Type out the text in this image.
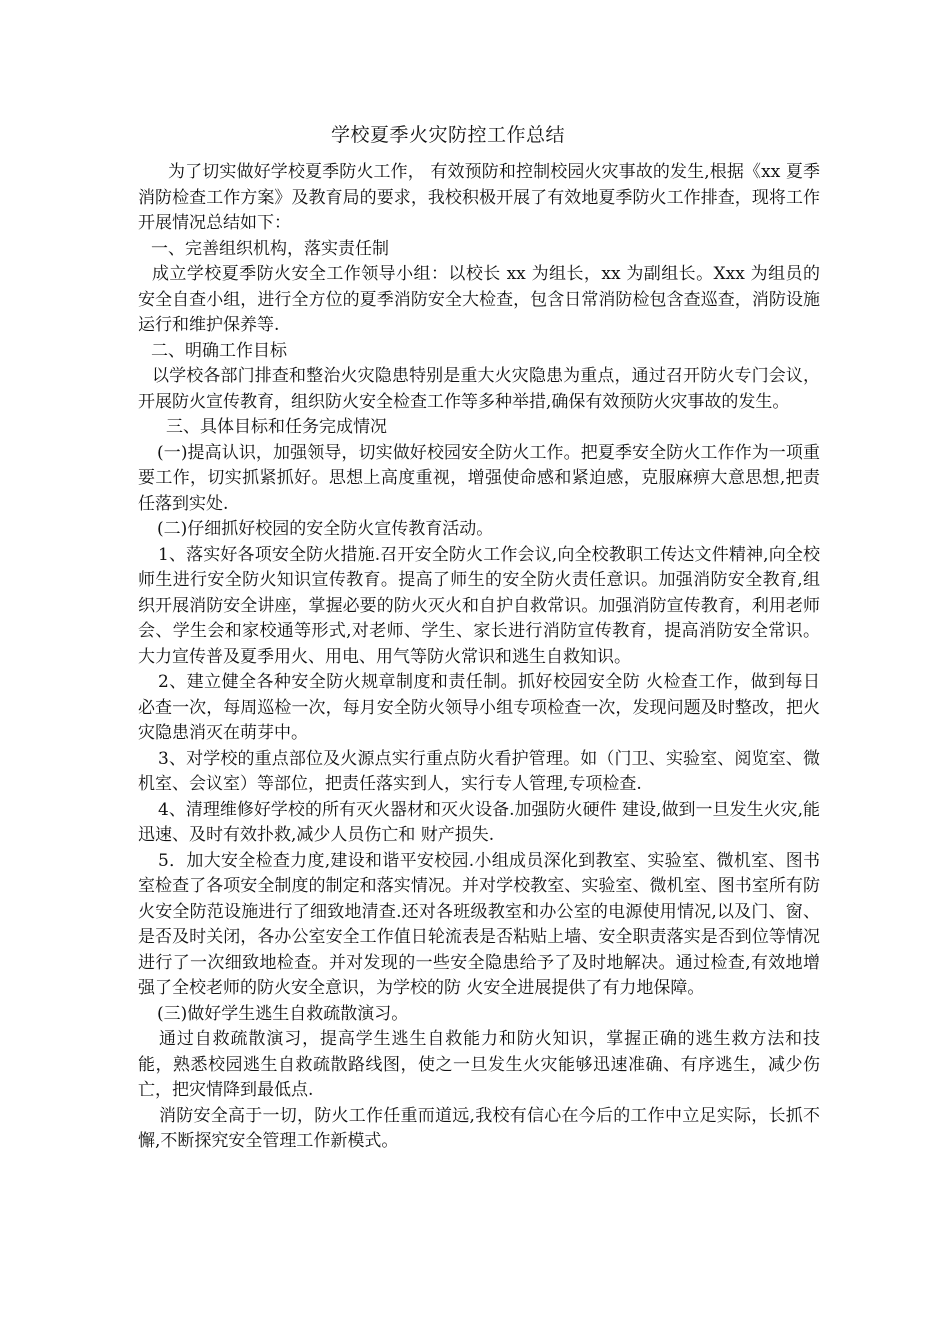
学校夏季火灾防控工作总结

为了切实做好学校夏季防火工作， 有效预防和控制校园火灾事故的发生,根据《xx 夏季消防检查工作方案》及教育局的要求，我校积极开展了有效地夏季防火工作排查，现将工作开展情况总结如下：

一、完善组织机构，落实责任制

成立学校夏季防火安全工作领导小组：以校长 xx 为组长，xx 为副组长。Xxx 为组员的安全自查小组，进行全方位的夏季消防安全大检查，包含日常消防检包含查巡查，消防设施运行和维护保养等.

二、明确工作目标

以学校各部门排查和整治火灾隐患特别是重大火灾隐患为重点，通过召开防火专门会议，开展防火宣传教育，组织防火安全检查工作等多种举措,确保有效预防火灾事故的发生。

三、具体目标和任务完成情况

(一)提高认识，加强领导，切实做好校园安全防火工作。把夏季安全防火工作作为一项重要工作，切实抓紧抓好。思想上高度重视，增强使命感和紧迫感，克服麻痹大意思想,把责任落到实处.

(二)仔细抓好校园的安全防火宣传教育活动。

1、落实好各项安全防火措施.召开安全防火工作会议,向全校教职工传达文件精神,向全校师生进行安全防火知识宣传教育。提高了师生的安全防火责任意识。加强消防安全教育,组织开展消防安全讲座，掌握必要的防火灭火和自护自救常识。加强消防宣传教育，利用老师会、学生会和家校通等形式,对老师、学生、家长进行消防宣传教育，提高消防安全常识。大力宣传普及夏季用火、用电、用气等防火常识和逃生自救知识。

2、建立健全各种安全防火规章制度和责任制。抓好校园安全防 火检查工作，做到每日必查一次，每周巡检一次，每月安全防火领导小组专项检查一次，发现问题及时整改，把火灾隐患消灭在萌芽中。

3、对学校的重点部位及火源点实行重点防火看护管理。如（门卫、实验室、阅览室、微机室、会议室）等部位，把责任落实到人，实行专人管理,专项检查.

4、清理维修好学校的所有灭火器材和灭火设备.加强防火硬件 建设,做到一旦发生火灾,能迅速、及时有效扑救,减少人员伤亡和 财产损失.

5．加大安全检查力度,建设和谐平安校园.小组成员深化到教室、实验室、微机室、图书室检查了各项安全制度的制定和落实情况。并对学校教室、实验室、微机室、图书室所有防火安全防范设施进行了细致地清查.还对各班级教室和办公室的电源使用情况,以及门、窗、是否及时关闭，各办公室安全工作值日轮流表是否粘贴上墙、安全职责落实是否到位等情况进行了一次细致地检查。并对发现的一些安全隐患给予了及时地解决。通过检查,有效地增强了全校老师的防火安全意识，为学校的防 火安全进展提供了有力地保障。

(三)做好学生逃生自救疏散演习。

通过自救疏散演习，提高学生逃生自救能力和防火知识，掌握正确的逃生救方法和技能，熟悉校园逃生自救疏散路线图，使之一旦发生火灾能够迅速准确、有序逃生，减少伤亡，把灾情降到最低点.

消防安全高于一切，防火工作任重而道远,我校有信心在今后的工作中立足实际，长抓不懈,不断探究安全管理工作新模式。
